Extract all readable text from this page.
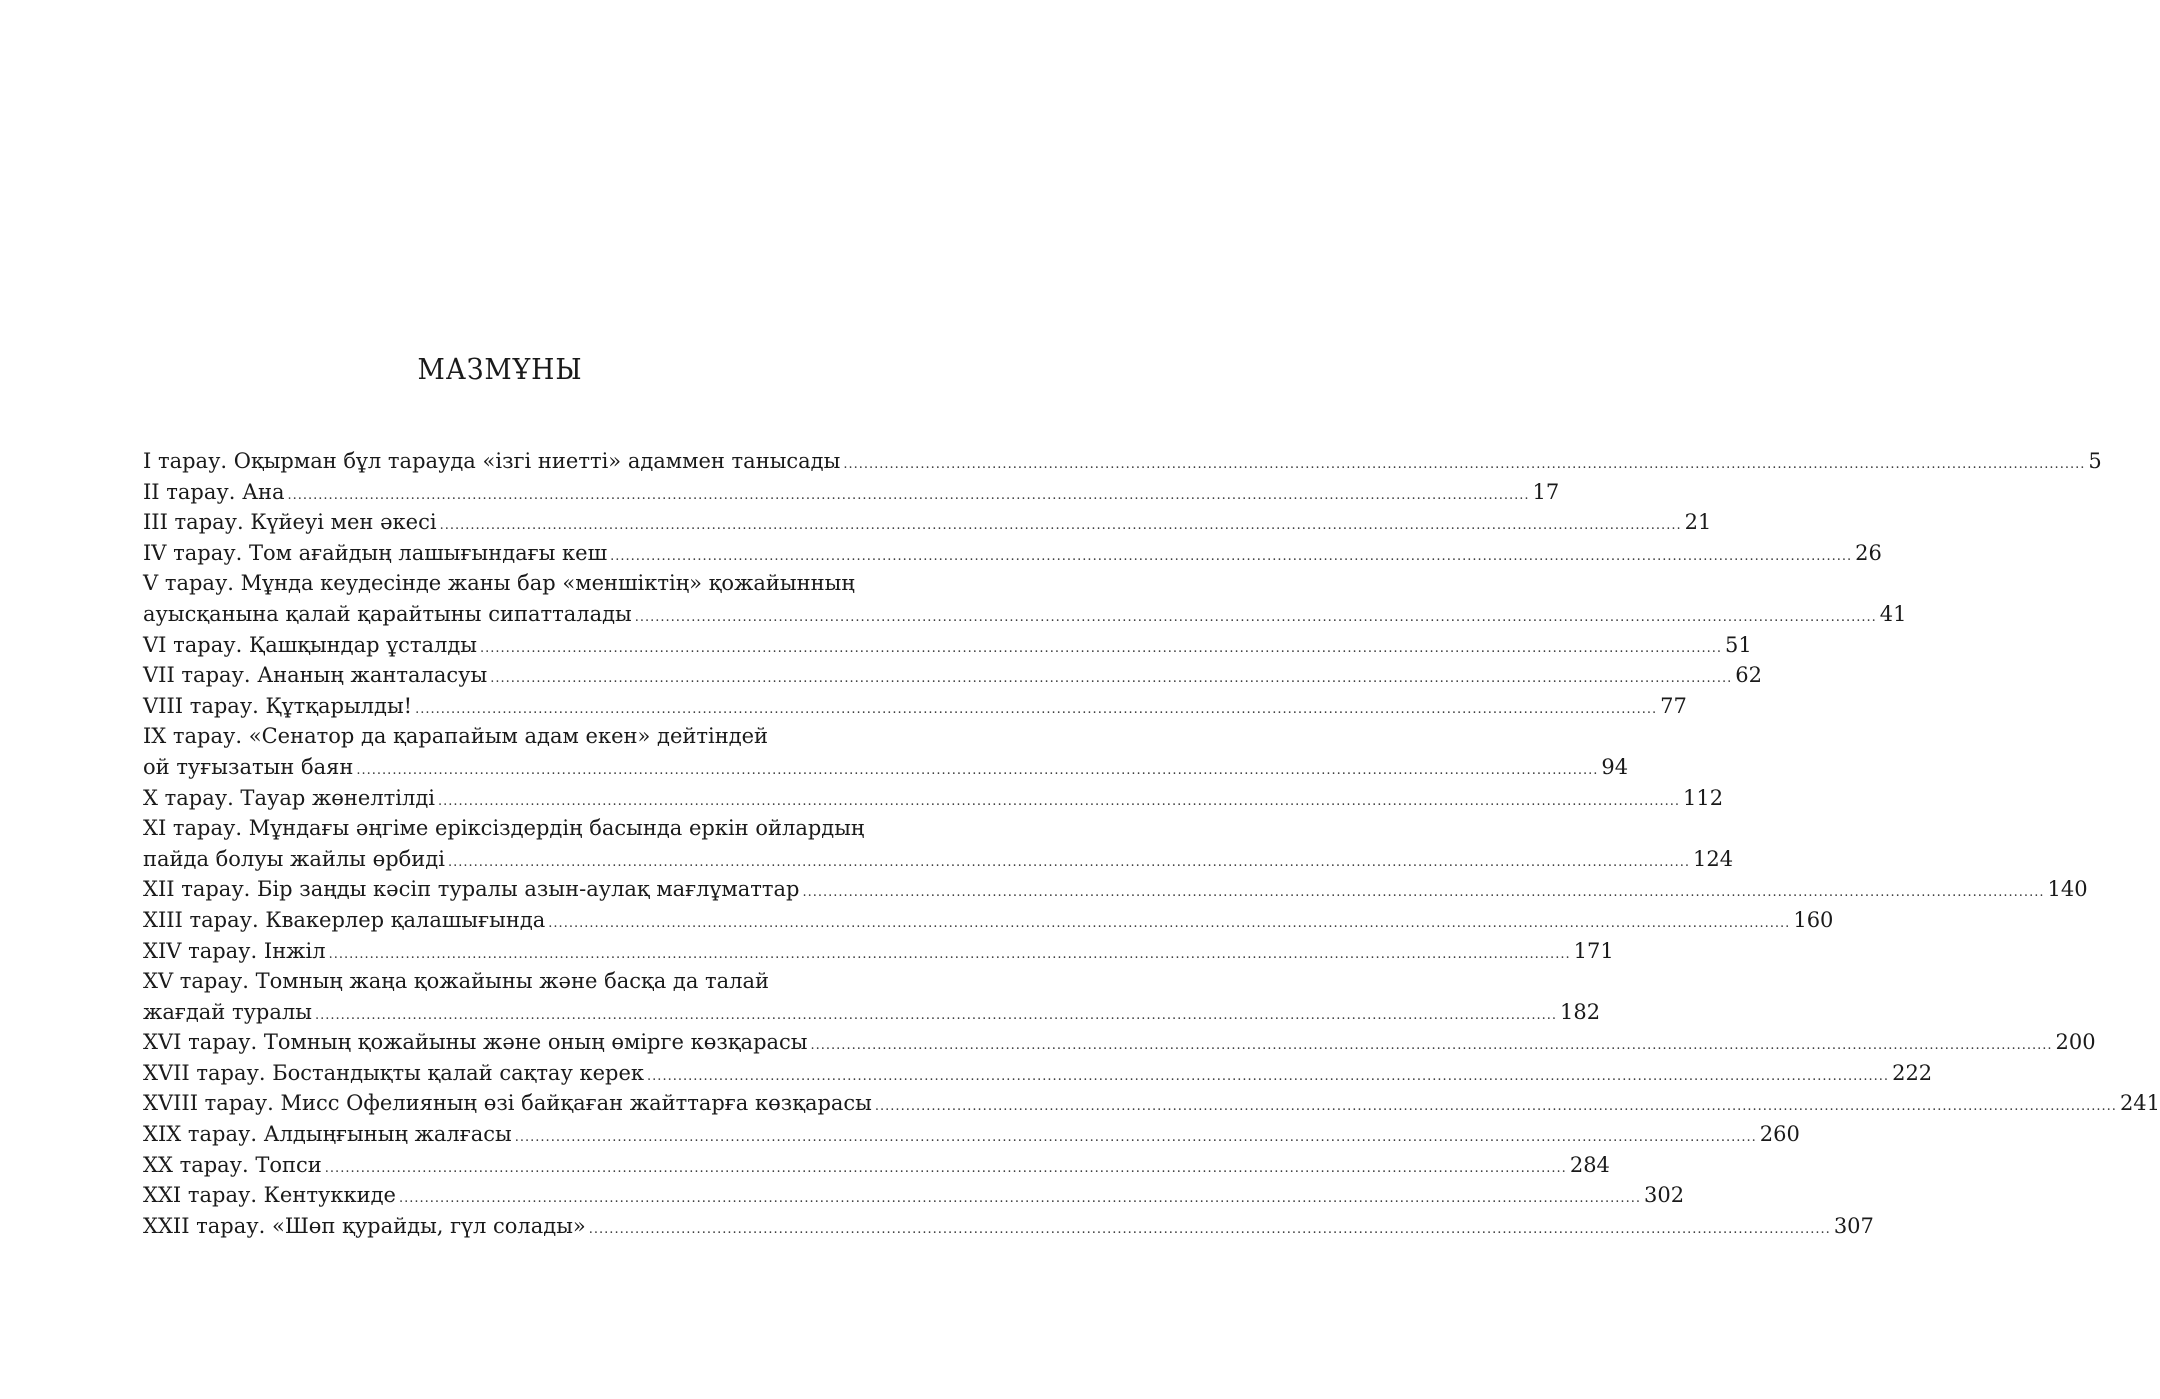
МАЗМҰНЫ
I тарау. Оқырман бұл тарауда «ізгі ниетті» адаммен танысады .....	5
II тарау. Ана .....	17
III тарау. Күйеуі мен әкесі .....	21
IV тарау. Том ағайдың лашығындағы кеш .....	26
V тарау. Мұнда кеудесінде жаны бар «меншіктің» қожайынның
ауысқанына қалай қарайтыны сипатталады .....	41
VI тарау. Қашқындар ұсталды .....	51
VII тарау. Ананың жанталасуы .....	62
VIII тарау. Құтқарылды! .....	77
IX тарау. «Сенатор да қарапайым адам екен» дейтіндей
ой туғызатын баян .....	94
X тарау. Тауар жөнелтілді .....	112
XI тарау. Мұндағы әңгіме еріксіздердің басында еркін ойлардың
пайда болуы жайлы өрбиді .....	124
XII тарау. Бір заңды кәсіп туралы азын-аулақ мағлұматтар .....	140
XIII тарау. Квакерлер қалашығында .....	160
XIV тарау. Інжіл .....	171
XV тарау. Томның жаңа қожайыны және басқа да талай
жағдай туралы .....	182
XVI тарау. Томның қожайыны және оның өмірге көзқарасы .....	200
XVII тарау. Бостандықты қалай сақтау керек .....	222
XVIII тарау. Мисс Офелияның өзі байқаған жайттарға көзқарасы .....	241
XIX тарау. Алдыңғының жалғасы .....	260
XX тарау. Топси .....	284
XXI тарау. Кентуккиде .....	302
XXII тарау. «Шөп қурайды, гүл солады» .....	307
